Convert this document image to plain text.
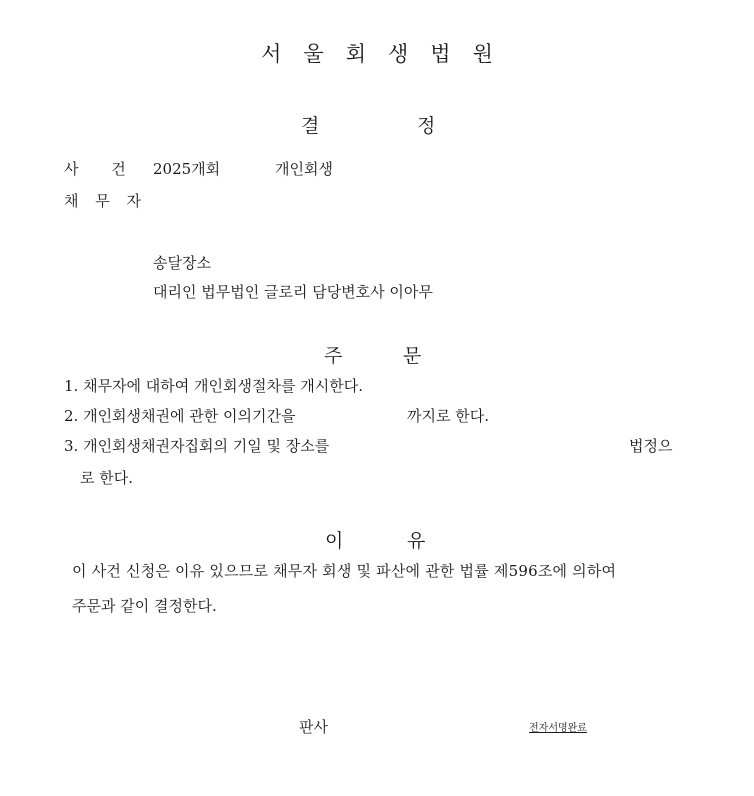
서울회생법원
결	정
사 건 2025개회	개인회생
채 무 자
송달장소
대리인 법무법인 글로리 담당변호사 이아무
주	문
1. 채무자에 대하여 개인회생절차를 개시한다.
2. 개인회생채권에 관한 이의기간을	까지로 한다.
3. 개인회생채권자집회의 기일 및 장소를	법정으
로 한다.
이	유
이 사건 신청은 이유 있으므로 채무자 회생 및 파산에 관한 법률 제596조에 의하여
주문과 같이 결정한다.
판사	전자서명완료
